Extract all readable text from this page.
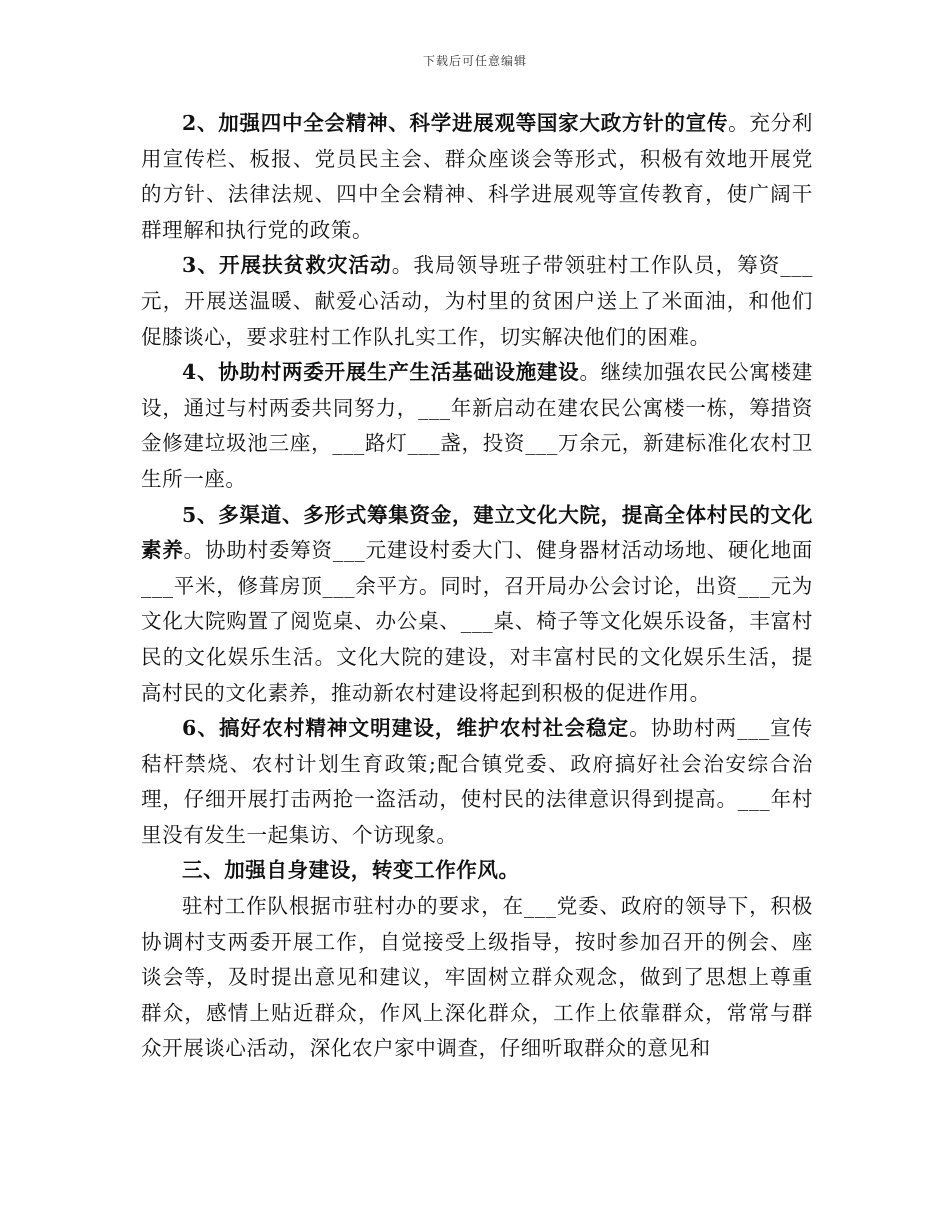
下载后可任意编辑

2、加强四中全会精神、科学进展观等国家大政方针的宣传。充分利用宣传栏、板报、党员民主会、群众座谈会等形式，积极有效地开展党的方针、法律法规、四中全会精神、科学进展观等宣传教育，使广阔干群理解和执行党的政策。

3、开展扶贫救灾活动。我局领导班子带领驻村工作队员，筹资___元，开展送温暖、献爱心活动，为村里的贫困户送上了米面油，和他们促膝谈心，要求驻村工作队扎实工作，切实解决他们的困难。

4、协助村两委开展生产生活基础设施建设。继续加强农民公寓楼建设，通过与村两委共同努力，___年新启动在建农民公寓楼一栋，筹措资金修建垃圾池三座，___路灯___盏，投资___万余元，新建标准化农村卫生所一座。

5、多渠道、多形式筹集资金，建立文化大院，提高全体村民的文化素养。协助村委筹资___元建设村委大门、健身器材活动场地、硬化地面___平米，修葺房顶___余平方。同时，召开局办公会讨论，出资___元为文化大院购置了阅览桌、办公桌、___桌、椅子等文化娱乐设备，丰富村民的文化娱乐生活。文化大院的建设，对丰富村民的文化娱乐生活，提高村民的文化素养，推动新农村建设将起到积极的促进作用。

6、搞好农村精神文明建设，维护农村社会稳定。协助村两___宣传秸杆禁烧、农村计划生育政策;配合镇党委、政府搞好社会治安综合治理，仔细开展打击两抢一盗活动，使村民的法律意识得到提高。___年村里没有发生一起集访、个访现象。

三、加强自身建设，转变工作作风。

驻村工作队根据市驻村办的要求，在___党委、政府的领导下，积极协调村支两委开展工作，自觉接受上级指导，按时参加召开的例会、座谈会等，及时提出意见和建议，牢固树立群众观念，做到了思想上尊重群众，感情上贴近群众，作风上深化群众，工作上依靠群众，常常与群众开展谈心活动，深化农户家中调查，仔细听取群众的意见和
